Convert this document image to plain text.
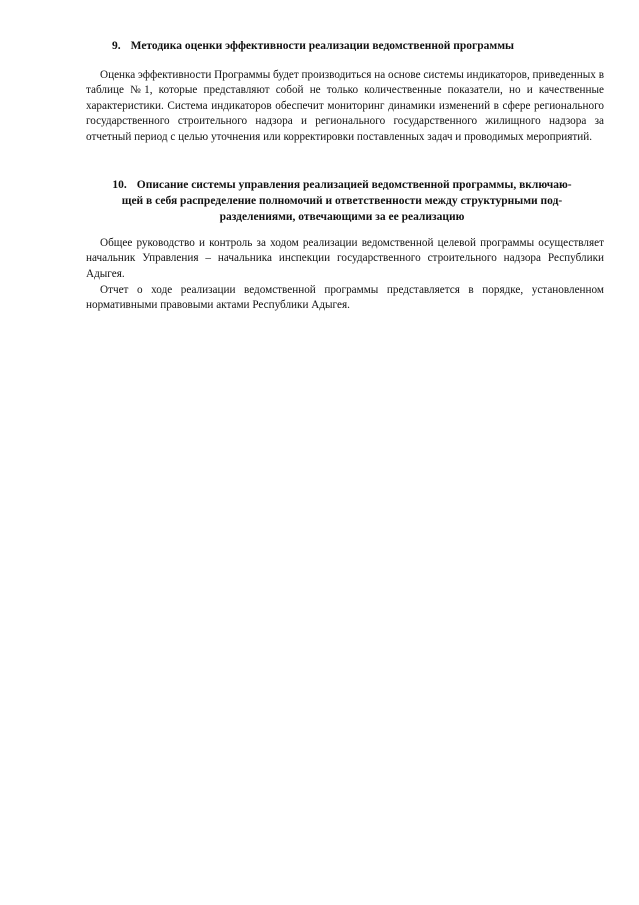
9. Методика оценки эффективности реализации ведомственной программы

Оценка эффективности Программы будет производиться на основе системы индикаторов, приведенных в таблице №1, которые представляют собой не только количественные показатели, но и качественные характеристики. Система индикаторов обеспечит мониторинг динамики изменений в сфере регионального государственного строительного надзора и регионального государственного жилищного надзора за отчетный период с целью уточнения или корректировки поставленных задач и проводимых мероприятий.

10. Описание системы управления реализацией ведомственной программы, включаю-
щей в себя распределение полномочий и ответственности между структурными под-
разделениями, отвечающими за ее реализацию

Общее руководство и контроль за ходом реализации ведомственной целевой программы осуществляет начальник Управления – начальника инспекции государственного строительного надзора Республики Адыгея.

Отчет о ходе реализации ведомственной программы представляется в порядке, установленном нормативными правовыми актами Республики Адыгея.
